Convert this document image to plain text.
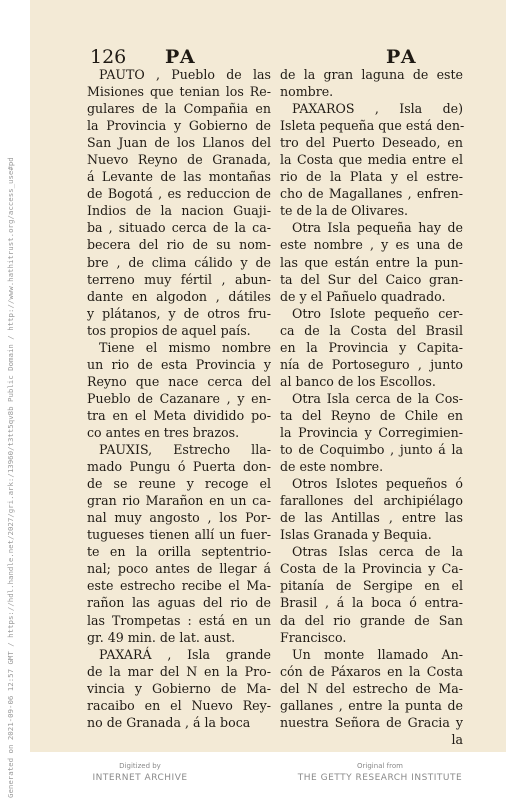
126 PA	PA
PAUTO , Pueblo de las
Misiones que tenian los Re-
gulares de la Compañia en
la Provincia y Gobierno de
San Juan de los Llanos del
Nuevo Reyno de Granada,
á Levante de las montañas
de Bogotá , es reduccion de
Indios de la nacion Guaji-
ba , situado cerca de la ca-
becera del rio de su nom-
bre , de clima cálido y de
terreno muy fértil , abun-
dante en algodon , dátiles
y plátanos, y de otros fru-
tos propios de aquel país.
Tiene el mismo nombre
un rio de esta Provincia y
Reyno que nace cerca del
Pueblo de Cazanare , y en-
tra en el Meta dividido po-
co antes en tres brazos.
PAUXIS, Estrecho lla-
mado Pungu ó Puerta don-
de se reune y recoge el
gran rio Marañon en un ca-
nal muy angosto , los Por-
tugueses tienen allí un fuer-
te en la orilla septentrio-
nal; poco antes de llegar á
este estrecho recibe el Ma-
rañon las aguas del rio de
las Trompetas : está en un
gr. 49 min. de lat. aust.
PAXARÁ , Isla grande
de la mar del N en la Pro-
vincia y Gobierno de Ma-
racaibo en el Nuevo Rey-
no de Granada , á la boca
de la gran laguna de este
nombre.
PAXAROS , Isla de)
Isleta pequeña que está den-
tro del Puerto Deseado, en
la Costa que media entre el
rio de la Plata y el estre-
cho de Magallanes , enfren-
te de la de Olivares.
Otra Isla pequeña hay de
este nombre , y es una de
las que están entre la pun-
ta del Sur del Caico gran-
de y el Pañuelo quadrado.
Otro Islote pequeño cer-
ca de la Costa del Brasil
en la Provincia y Capita-
nía de Portoseguro , junto
al banco de los Escollos.
Otra Isla cerca de la Cos-
ta del Reyno de Chile en
la Provincia y Corregimien-
to de Coquimbo , junto á la
de este nombre.
Otros Islotes pequeños ó
farallones del archipiélago
de las Antillas , entre las
Islas Granada y Bequia.
Otras Islas cerca de la
Costa de la Provincia y Ca-
pitanía de Sergipe en el
Brasil , á la boca ó entra-
da del rio grande de San
Francisco.
Un monte llamado An-
cón de Páxaros en la Costa
del N del estrecho de Ma-
gallanes , entre la punta de
nuestra Señora de Gracia y
la
Generated on 2021-09-06 12:57 GMT / https://hdl.handle.net/2027/gri.ark:/13960/t3tt5qv8b Public Domain / http://www.hathitrust.org/access_use#pd	Digitized by
INTERNET ARCHIVE
Original from
THE GETTY RESEARCH INSTITUTE
